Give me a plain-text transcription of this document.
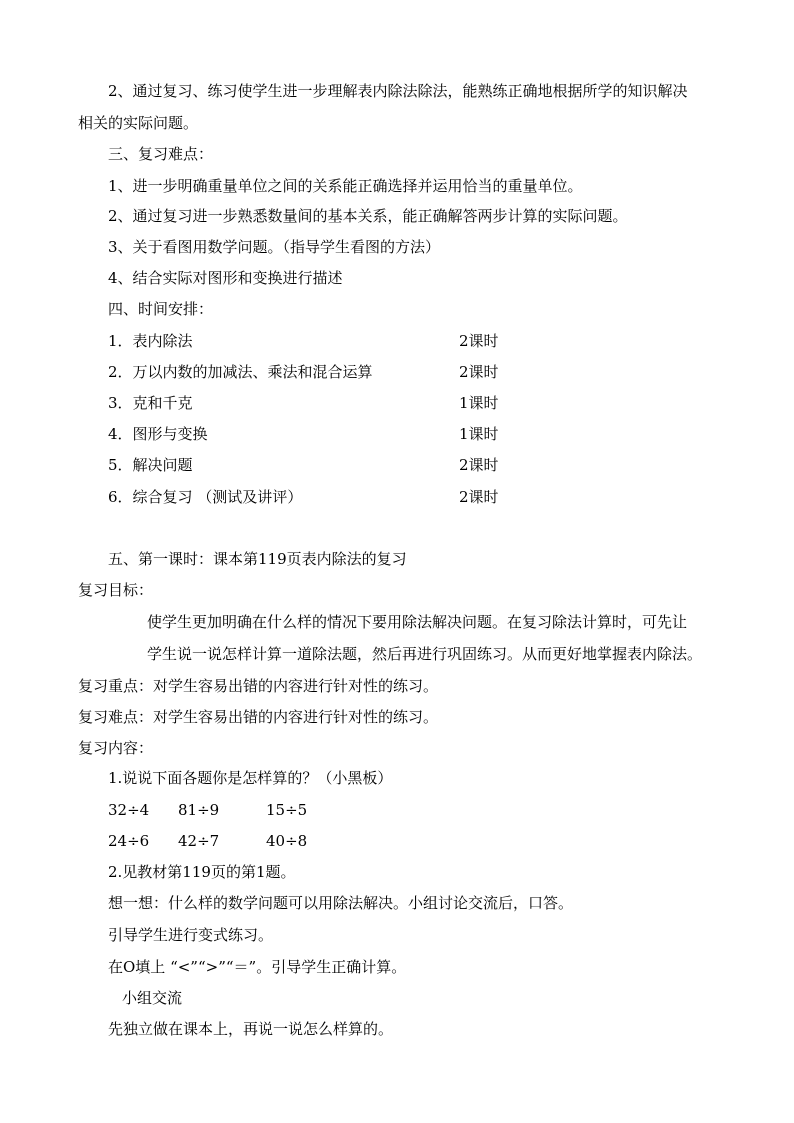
2、通过复习、练习使学生进一步理解表内除法除法，能熟练正确地根据所学的知识解决
相关的实际问题。
三、复习难点：
1、进一步明确重量单位之间的关系能正确选择并运用恰当的重量单位。
2、通过复习进一步熟悉数量间的基本关系，能正确解答两步计算的实际问题。
3、关于看图用数学问题。（指导学生看图的方法）
4、结合实际对图形和变换进行描述
四、时间安排：
1．表内除法	2课时
2．万以内数的加减法、乘法和混合运算	2课时
3．克和千克	1课时
4．图形与变换	1课时
5．解决问题	2课时
6．综合复习 （测试及讲评）	2课时
五、第一课时：课本第119页表内除法的复习
复习目标：
使学生更加明确在什么样的情况下要用除法解决问题。在复习除法计算时，可先让
学生说一说怎样计算一道除法题，然后再进行巩固练习。从而更好地掌握表内除法。
复习重点：对学生容易出错的内容进行针对性的练习。
复习难点：对学生容易出错的内容进行针对性的练习。
复习内容：
1.说说下面各题你是怎样算的？（小黑板）
32÷4 81÷9	15÷5
24÷6 42÷7	40÷8
2.见教材第119页的第1题。
想一想：什么样的数学问题可以用除法解决。小组讨论交流后，口答。
引导学生进行变式练习。
在O填上 “<”“>”“＝”。引导学生正确计算。
小组交流
先独立做在课本上，再说一说怎么样算的。
